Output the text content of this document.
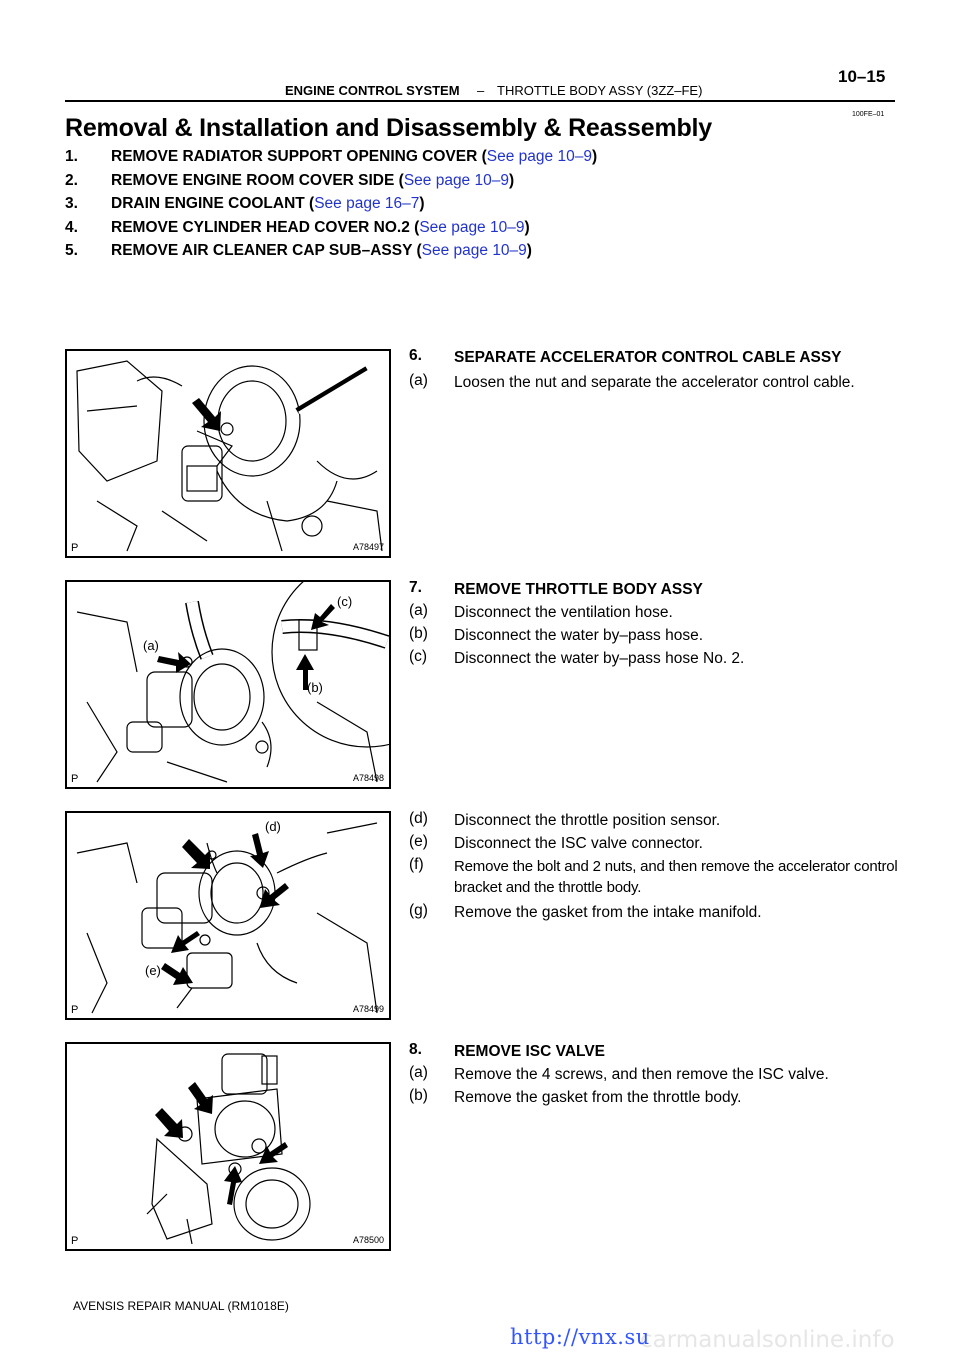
ENGINE CONTROL SYSTEM – THROTTLE BODY ASSY (3ZZ–FE)
10–15
100FE–01
Removal & Installation and Disassembly & Reassembly
1. REMOVE RADIATOR SUPPORT OPENING COVER (See page 10–9)
2. REMOVE ENGINE ROOM COVER SIDE (See page 10–9)
3. DRAIN ENGINE COOLANT (See page 16–7)
4. REMOVE CYLINDER HEAD COVER NO.2 (See page 10–9)
5. REMOVE AIR CLEANER CAP SUB–ASSY (See page 10–9)
P	A78497
(c)
(a)
(b)
P	A78498
(d)
(e)
P	A78499
P	A78500
6. SEPARATE ACCELERATOR CONTROL CABLE ASSY
(a) Loosen the nut and separate the accelerator control cable.
7. REMOVE THROTTLE BODY ASSY
(a) Disconnect the ventilation hose.
(b) Disconnect the water by–pass hose.
(c) Disconnect the water by–pass hose No. 2.
(d) Disconnect the throttle position sensor.
(e) Disconnect the ISC valve connector.
(f) Remove the bolt and 2 nuts, and then remove the accelerator control bracket and the throttle body.
(g) Remove the gasket from the intake manifold.
8. REMOVE ISC VALVE
(a) Remove the 4 screws, and then remove the ISC valve.
(b) Remove the gasket from the throttle body.
AVENSIS REPAIR MANUAL (RM1018E)
carmanualsonline.info
http://vnx.su
